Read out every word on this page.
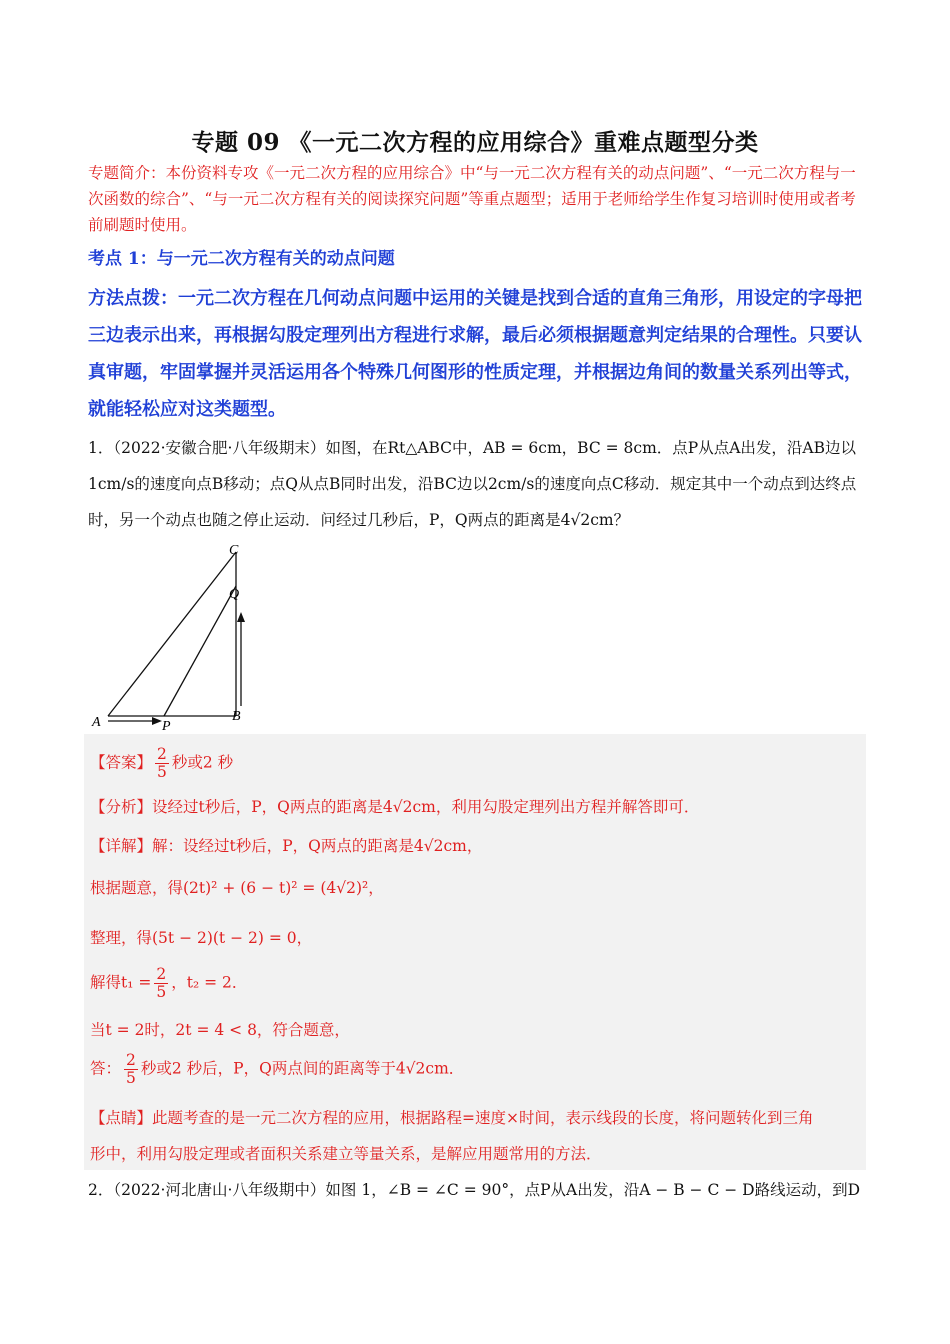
专题 09 《一元二次方程的应用综合》重难点题型分类
专题简介：本份资料专攻《一元二次方程的应用综合》中“与一元二次方程有关的动点问题”、“一元二次方程与一次函数的综合”、“与一元二次方程有关的阅读探究问题”等重点题型；适用于老师给学生作复习培训时使用或者考前刷题时使用。
考点 1：与一元二次方程有关的动点问题
方法点拨：一元二次方程在几何动点问题中运用的关键是找到合适的直角三角形，用设定的字母把三边表示出来，再根据勾股定理列出方程进行求解，最后必须根据题意判定结果的合理性。只要认真审题，牢固掌握并灵活运用各个特殊几何图形的性质定理，并根据边角间的数量关系列出等式，就能轻松应对这类题型。
1．（2022·安徽合肥·八年级期末）如图，在Rt△ABC中，AB = 6cm，BC = 8cm．点P从点A出发，沿AB边以1cm/s的速度向点B移动；点Q从点B同时出发，沿BC边以2cm/s的速度向点C移动．规定其中一个动点到达终点时，另一个动点也随之停止运动．问经过几秒后，P，Q两点的距离是4√2cm？
C
Q
B
A	P
【答案】 $\frac{2}{5}$ 秒或2 秒
【分析】设经过t秒后，P，Q两点的距离是4√2cm，利用勾股定理列出方程并解答即可．
【详解】解：设经过t秒后，P，Q两点的距离是4√2cm，
根据题意，得(2t)² + (6 − t)² = (4√2)²，
整理，得(5t − 2)(t − 2) = 0，
解得$t_1 = \frac{2}{5}$ ，t₂ = 2．
当t = 2时，2t = 4 < 8，符合题意，
答： $\frac{2}{5}$ 秒或2 秒后，P，Q两点间的距离等于4√2cm．
【点睛】此题考查的是一元二次方程的应用，根据路程=速度×时间，表示线段的长度，将问题转化到三角
形中，利用勾股定理或者面积关系建立等量关系，是解应用题常用的方法．
2．（2022·河北唐山·八年级期中）如图 1，∠B = ∠C = 90°，点P从A出发，沿A − B − C − D路线运动，到D
